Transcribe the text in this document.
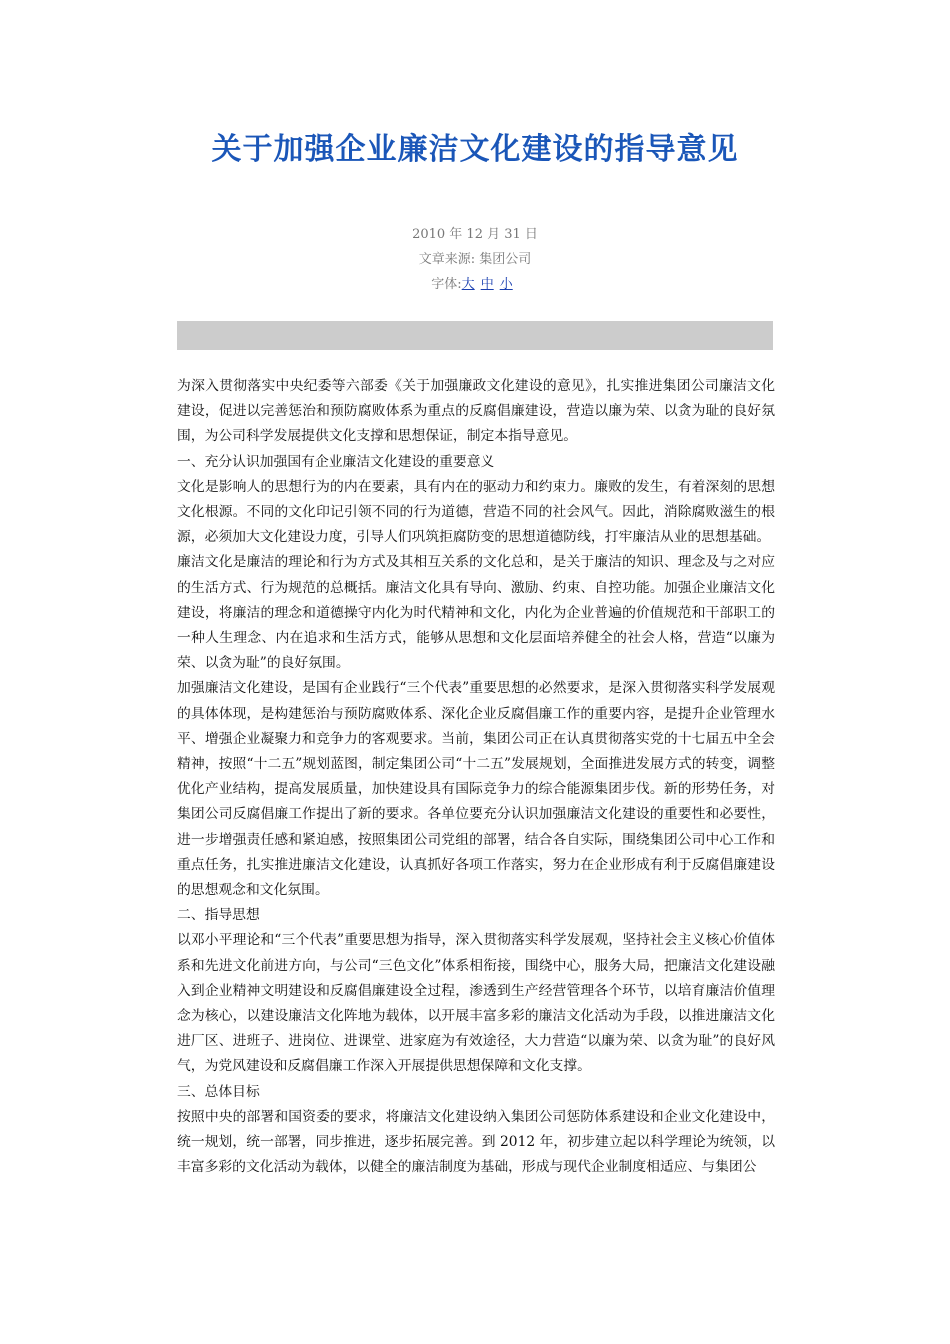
关于加强企业廉洁文化建设的指导意见
2010 年 12 月 31 日
文章来源: 集团公司
字体:大 中 小

为深入贯彻落实中央纪委等六部委《关于加强廉政文化建设的意见》，扎实推进集团公司廉洁文化建设，促进以完善惩治和预防腐败体系为重点的反腐倡廉建设，营造以廉为荣、以贪为耻的良好氛围，为公司科学发展提供文化支撑和思想保证，制定本指导意见。

一、充分认识加强国有企业廉洁文化建设的重要意义

文化是影响人的思想行为的内在要素，具有内在的驱动力和约束力。廉败的发生，有着深刻的思想文化根源。不同的文化印记引领不同的行为道德，营造不同的社会风气。因此，消除腐败滋生的根源，必须加大文化建设力度，引导人们巩筑拒腐防变的思想道德防线，打牢廉洁从业的思想基础。

廉洁文化是廉洁的理论和行为方式及其相互关系的文化总和，是关于廉洁的知识、理念及与之对应的生活方式、行为规范的总概括。廉洁文化具有导向、激励、约束、自控功能。加强企业廉洁文化建设，将廉洁的理念和道德操守内化为时代精神和文化，内化为企业普遍的价值规范和干部职工的一种人生理念、内在追求和生活方式，能够从思想和文化层面培养健全的社会人格，营造“以廉为荣、以贪为耻”的良好氛围。

加强廉洁文化建设，是国有企业践行“三个代表”重要思想的必然要求，是深入贯彻落实科学发展观的具体体现，是构建惩治与预防腐败体系、深化企业反腐倡廉工作的重要内容，是提升企业管理水平、增强企业凝聚力和竞争力的客观要求。当前，集团公司正在认真贯彻落实党的十七届五中全会精神，按照“十二五”规划蓝图，制定集团公司“十二五”发展规划，全面推进发展方式的转变，调整优化产业结构，提高发展质量，加快建设具有国际竞争力的综合能源集团步伐。新的形势任务，对集团公司反腐倡廉工作提出了新的要求。各单位要充分认识加强廉洁文化建设的重要性和必要性，进一步增强责任感和紧迫感，按照集团公司党组的部署，结合各自实际，围绕集团公司中心工作和重点任务，扎实推进廉洁文化建设，认真抓好各项工作落实，努力在企业形成有利于反腐倡廉建设的思想观念和文化氛围。

二、指导思想

以邓小平理论和“三个代表”重要思想为指导，深入贯彻落实科学发展观，坚持社会主义核心价值体系和先进文化前进方向，与公司“三色文化”体系相衔接，围绕中心，服务大局，把廉洁文化建设融入到企业精神文明建设和反腐倡廉建设全过程，渗透到生产经营管理各个环节，以培育廉洁价值理念为核心，以建设廉洁文化阵地为载体，以开展丰富多彩的廉洁文化活动为手段，以推进廉洁文化进厂区、进班子、进岗位、进课堂、进家庭为有效途径，大力营造“以廉为荣、以贪为耻”的良好风气，为党风建设和反腐倡廉工作深入开展提供思想保障和文化支撑。

三、总体目标

按照中央的部署和国资委的要求，将廉洁文化建设纳入集团公司惩防体系建设和企业文化建设中，统一规划，统一部署，同步推进，逐步拓展完善。到 2012 年，初步建立起以科学理论为统领，以丰富多彩的文化活动为载体，以健全的廉洁制度为基础，形成与现代企业制度相适应、与集团公
